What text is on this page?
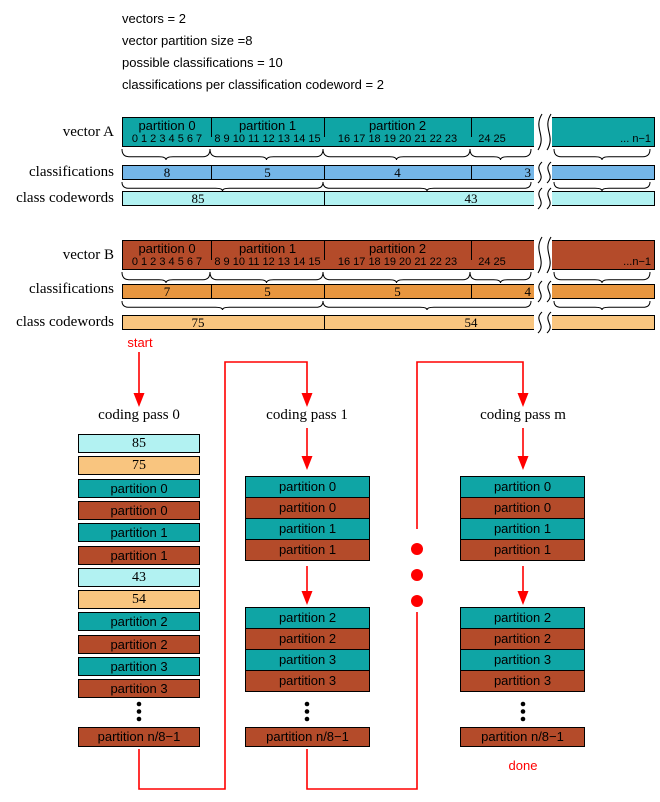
vectors = 2
vector partition size =8
possible classifications = 10
classifications per classification codeword = 2
vector A
classifications
class codewords
vector B
classifications
class codewords
start
done
coding pass 0	coding pass 1	coding pass m
partition 0
0 1 2 3 4 5 6 7
partition 1
8 9 10 11 12 13 14 15
partition 2
16 17 18 19 20 21 22 23	24 25	... n−1
8	5	4	3
85	43
partition 0
0 1 2 3 4 5 6 7
partition 1
8 9 10 11 12 13 14 15
partition 2
16 17 18 19 20 21 22 23	24 25	...n−1
7	5	5	4
75	54
85
75
partition 0
partition 0
partition 1
partition 1
43
54
partition 2
partition 2
partition 3
partition 3
partition n/8−1
partition 0
partition 0
partition 1
partition 1
partition 2
partition 2
partition 3
partition 3
partition n/8−1
partition 0
partition 0
partition 1
partition 1
partition 2
partition 2
partition 3
partition 3
partition n/8−1
